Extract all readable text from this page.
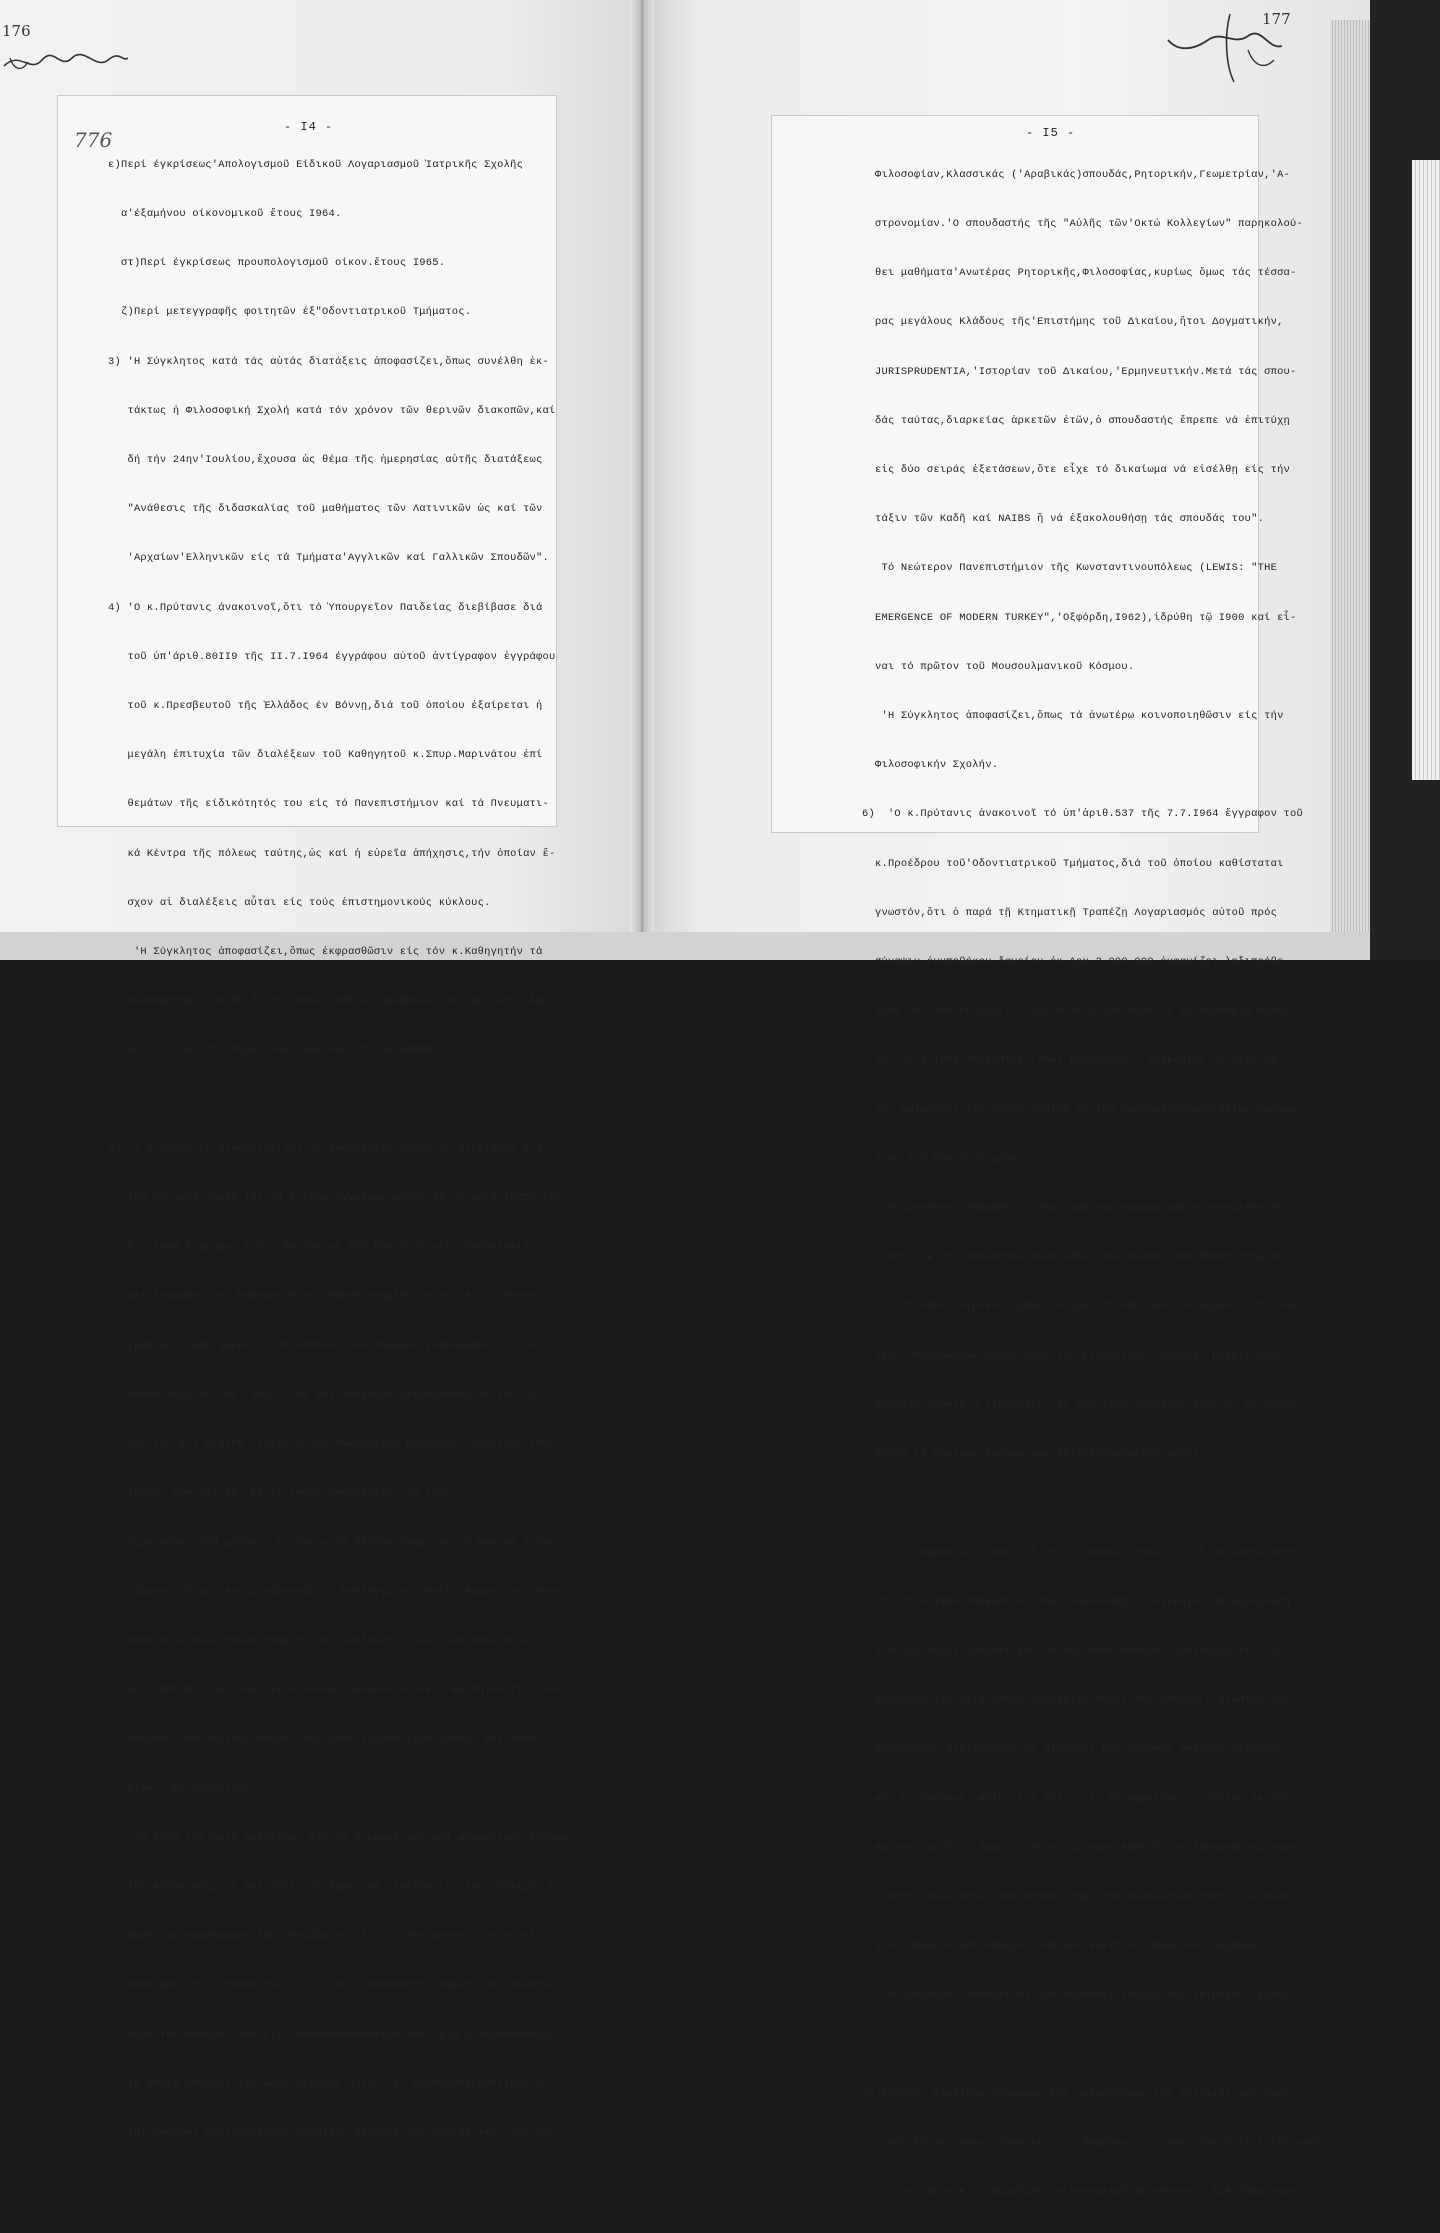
176
177
776
- I4 -	- I5 -

ε)Περί έγκρίσεως'Απολογισμοῦ Είδικοῦ Λογαριασμοῦ Ἰατρικῆς Σχολῆς

α'έξαμήνου οίκονομικοῦ ἔτους I964.

στ)Περί έγκρίσεως προυπολογισμοῦ οίκον.ἔτους I965.

ζ)Περί μετεγγραφῆς φοιτητῶν έξ"Οδοντιατρικοῦ Τμήματος.

3) 'Η Σύγκλητος κατά τάς αὐτάς διατάξεις ἀποφασίζει,ὅπως συνέλθη ἐκ-

τάκτως ἡ Φιλοσοφική Σχολή κατά τόν χρόνον τῶν θερινῶν διακοπῶν,καί

δή τήν 24ην'Ιουλίου,ἔχουσα ὡς θέμα τῆς ἡμερησίας αὐτῆς διατάξεως

"Ανάθεσις τῆς διδασκαλίας τοῦ μαθήματος τῶν Λατινικῶν ὡς καί τῶν

'Αρχαίων'Ελληνικῶν είς τά Τμήματα'Αγγλικῶν καί Γαλλικῶν Σπουδῶν".

4) 'Ο κ.Πρύτανις άνακοινοῖ,ὅτι τό Ὑπουργεῖον Παιδείας διεβίβασε διά

τοῦ ὑπ'άριθ.80II9 τῆς II.7.I964 έγγράφου αὐτοῦ ἀντίγραφον ἐγγράφου

τοῦ κ.Πρεσβευτοῦ τῆς Ἑλλάδος έν Βόννῃ,διά τοῦ ὁποίου ἐξαίρεται ἡ

μεγάλη ἐπιτυχία τῶν διαλέξεων τοῦ Καθηγητοῦ κ.Σπυρ.Μαρινάτου ἐπί

θεμάτων τῆς είδικότητός του είς τό Πανεπιστήμιον καί τά Πνευματι-

κά Κέντρα τῆς πόλεως ταύτης,ὡς καί ἡ εὐρεῖα ἀπήχησις,τήν ὁποίαν ἔ-

σχον αἱ διαλέξεις αὗται είς τούς ἐπιστημονικούς κύκλους.

'Η Σύγκλητος ἀποφασίζει,ὅπως ἐκφρασθῶσιν είς τόν κ.Καθηγητήν τά

συγχαρητήρια αὐτῆς,διότι τόσον ἐπαξίως προβάλλει τό ἡμέτερον'Ιδρυ-

μα είς τούς ἐπιστημονικούς κύκλους τῆς ἀλλοδαπῆς.

5) 'Ο κ.Πρύτανις ἀνακοινοῖ,ὅτι τό Ὑπουργεῖον Παιδείας διεβίβασε διά

τοῦ ὑπ'άριθ.69439 τῆς 24.6.I964'έγγράφου αὐτοῦ τό ὑπ'ἀριθ.I6259 τῆς

6.6.I964 ἔγγραφον τοῦ κ.Πρυτάνεως τοῦ Πανεπιστημίου Θεσσαλονίκης

μετ'έγγράφου τοῦ Καθηγητοῦ τοῦ Πανεπιστημίου τούτου κ.Γ.Γιαννούλη,

(μεθ'οὗ ἔλαβε χώραν τό ἐπεισόδιον τοῦ Τούρκου ἐκπροσώπου είς τό

Πανεπιστήμιον τοῦ Γκαζῆ), ὡς καί ἀπόκομμα χειρογράφου ἐκ τοῦ ἔρ-

γου τοῦ E.J.W.GIBB "Ἱστορία τῆς'Οθωμανικῆς Ποιήσεως",Λονδῖνον I902,

τεῦχος 2ον,σελ.23. Ἐπ'ἰς τοῦτο ἀναφέρονται τά ἑξῆς:

"Ἔμπροσθεν τοῦ μεγάλου τεμένους,τό ὁποῖον ἀνήγειρεν ὁ Μωάμεθ ὁ 2ος,

ἵδρυσεν οὗτος ὀκτώ μενδρεσέδες ἤ Κολλέγια,τά ὁποῖα ἐθεωροῦντο ἀποτε-

λοῦντα ἑνιαῖον Πανεπιστήμιον καί ἐκαλοῦντο "Αὐλή τῶν'Οκτώ Κολλεγί-

ων"."Οπισθεν τῶν Κολλεγίων τούτων ἀνυψοῦντο Οἶκοι Φοιτητῶν,είς τούς

ὁποίους 200 περίπου ἄποροι φοιτηταί ἐξησφάλιζον τροφήν καί κατοι-

κίαν". Ἐν συνεχείᾳ:

"'Η Αὐλή τῶν'Οκτώ Κολλεγίων ἦτο τό πνευματικόν καί μορφωτικόν κέντρο

τῆς Αὐτοκρατορίας καί ὅστις ἐπεθύμει νά εἰσέλθῃ είς τόν "Οὐλεμά" ἔ-

πρεπε νά συμπληρώσῃ τάς σπουδάς του είς τό πνευματικόν τοῦτο κέν-

τρον.Πρό τῆς εἰσόδου του είς τοῦτο,ὁ σπουδαστής ἔπρεπε νά  περατώ-

σουν τάς σπουδάς των είς Προπαρασκευαστικά Κολλέγια ἤ Μενδρεσέδες,

τά ὁποῖα ὑπῆρχον είς κάθε μεγάλην πόλιν. Αἱ προπαρασκευαστικαί αὐ-

ταί σπουδαί περιελάμβανον'Αραβικήν γραμματικήν,Συντακτικόν,Λογικήν,

Φιλοσοφίαν,Κλασσικάς ('Αραβικάς)σπουδάς,Ρητορικήν,Γεωμετρίαν,'Α-

στρονομίαν.'Ο σπουδαστής τῆς "Αὐλῆς τῶν'Οκτώ Κολλεγίων" παρηκολού-

θει μαθήματα'Ανωτέρας Ρητορικῆς,Φιλοσοφίας,κυρίως ὅμως τάς τέσσα-

ρας μεγάλους Κλάδους τῆς'Επιστήμης τοῦ Δικαίου,ἤτοι Δογματικήν,

JURISPRUDENTIA,'Ιστορίαν τοῦ Δικαίου,'Ερμηνευτικήν.Μετά τάς σπου-

δάς ταύτας,διαρκείας ἀρκετῶν ἐτῶν,ὁ σπουδαστής ἔπρεπε νά ἐπιτύχῃ

εἰς δύο σειράς ἐξετάσεων,ὅτε εἶχε τό δικαίωμα νά εἰσέλθῃ είς τήν

τάξιν τῶν Καδῆ καί NAIBS ἤ νά ἐξακολουθήσῃ τάς σπουδάς του".

Τό Νεώτερον Πανεπιστήμιον τῆς Κωνσταντινουπόλεως (LEWIS: "THE

EMERGENCE OF MODERN TURKEY",'Οξφόρδη,I962),ἱδρύθη τῷ I900 καί εἶ-

ναι τό πρῶτον τοῦ Μουσουλμανικοῦ Κόσμου.

'Η Σύγκλητος ἀποφασίζει,ὅπως τά ἀνωτέρω κοινοποιηθῶσιν είς τήν

Φιλοσοφικήν Σχολήν.

6)  'Ο κ.Πρύτανις ἀνακοινοῖ τό ὑπ'ἀριθ.537 τῆς 7.7.I964 ἔγγραφον τοῦ

κ.Προέδρου τοῦ'Οδοντιατρικοῦ Τμήματος,διά τοῦ ὁποίου καθίσταται

γνωστόν,ὅτι ὁ παρά τῇ Κτηματικῇ Τραπέζῃ Λογαριασμός αὐτοῦ πρός

σύναψιν ἐνυποθήκου δανείου ἐκ Δρχ.2.000.000 ἐμφανίζει ληξιπρόθε-

σμον ὀφειλήν ἐκ Δρχ.I74.522.Οὕτω ὁ Σύλλογος ἐν τῇ συνεδρίᾳ αὐτοῦ

τῆς I5.6.I964 ἀπεφάσισεν,ὅπως παρακληθῇ ἡ Σύγκλητος νά ἐγκρίνῃ

τήν καταβολήν τοῦ ποσοῦ τούτου ἐκ τοῦ Προϋπολογισμοῦ'Ιδίας περιου-

σίας τοῦ Πανεπιστημίου.

'Η Σύγκλητος ἀποφασίζει,ὅπως παράσχῃ προσωρινῶς οἰκονομικήν ἐνί-

σχυσιν ἐκ τοῦ Προϋπολογισμοῦ'Ιδίας Περιουσίας τοῦ Πανεπιστημίου

είς τό'Οδοντιατρικόν Τμῆμα ἐκ Δρχ.I75.000,πρός ἐκπλήρωσιν τῆς ἀνω-

τέρω ὑποχρεώσεως αὐτοῦ πρός τήν Κτηματικήν Τράπεζαν μέχρις ὅτου

καταστῇ δυνατή ἡ εἴσπραξις τῆς Κρατικῆς χορηγίας,πρός ἥν θά συμψη-

φισθῇ τό ἀνωτέρω προσωρινῶς καταβληθησόμενον ποσόν.

7)  'Ο κ.Πρύτανις ἀνακοινοῖ,ὅτι ἡ'Ιατρική Σχολή ἐν τῇ συνεδρίᾳ αὐτῆς

τῆς I5.6.I964 ἀπεφάσισεν,ὅπως παρακληθῇ ἡ Σύγκλητος νά μεριμνήσῃ

διά τήν λῆψιν νομοθετικοῦ μέτρου πρός συνομήν συντάξεως είς τήν

θυγατέρα τοῦ ἀειμνήστου Καθηγητοῦ Κωνστ.Μελισσηνοῦ,κ.Αἰκατερίνην

Μελισσηνοῦ,διατελοῦσαν ἐν διαφέσει καί ἔχουσαν ἀνάγκην οἰκονομι-

κῆς ἐνισχύσεως. Αὕτη εἶχε τύχει είς τό παρελθόν συντάξεως ἐκ τοῦ

πατρός της,ἥτις ὅμως ἐν συνεχείᾳ περιεκόπη,διότι ἐθεωρήθη κάτοχος

κινητῆς περιουσίας τοῦ πατρός της. Τήν περιουσίαν ταύτην ἐν συνε-

χείᾳ ἀπώλεσε καί σήμερον οὐδένός κέκτηται πόρου συντηρήσεως.

'Η Σύγκλητος ἀποδέχεται τήν πρότασιν ταύτην τῆς'Ιατρικῆς Σχολῆς.

8) Κατόπιν ἐξωδίκου δηλώσεως καί προσκλήσεως τῆς Τεχνικῆς καί'Εμπο-

ρικῆς'Επιχειρήσεως "Βασίλειος Δ.Μαρκάκης",ἡ Σύγκλητος ὁρίζει ἐπιτροπή

τήν ἐκ τῶν κ.κ.Γ.'Αμυγδάλου,Οἰκονομικοῦ Διευθυντοῦ, Εὐθ.Παπαγιάννη,
